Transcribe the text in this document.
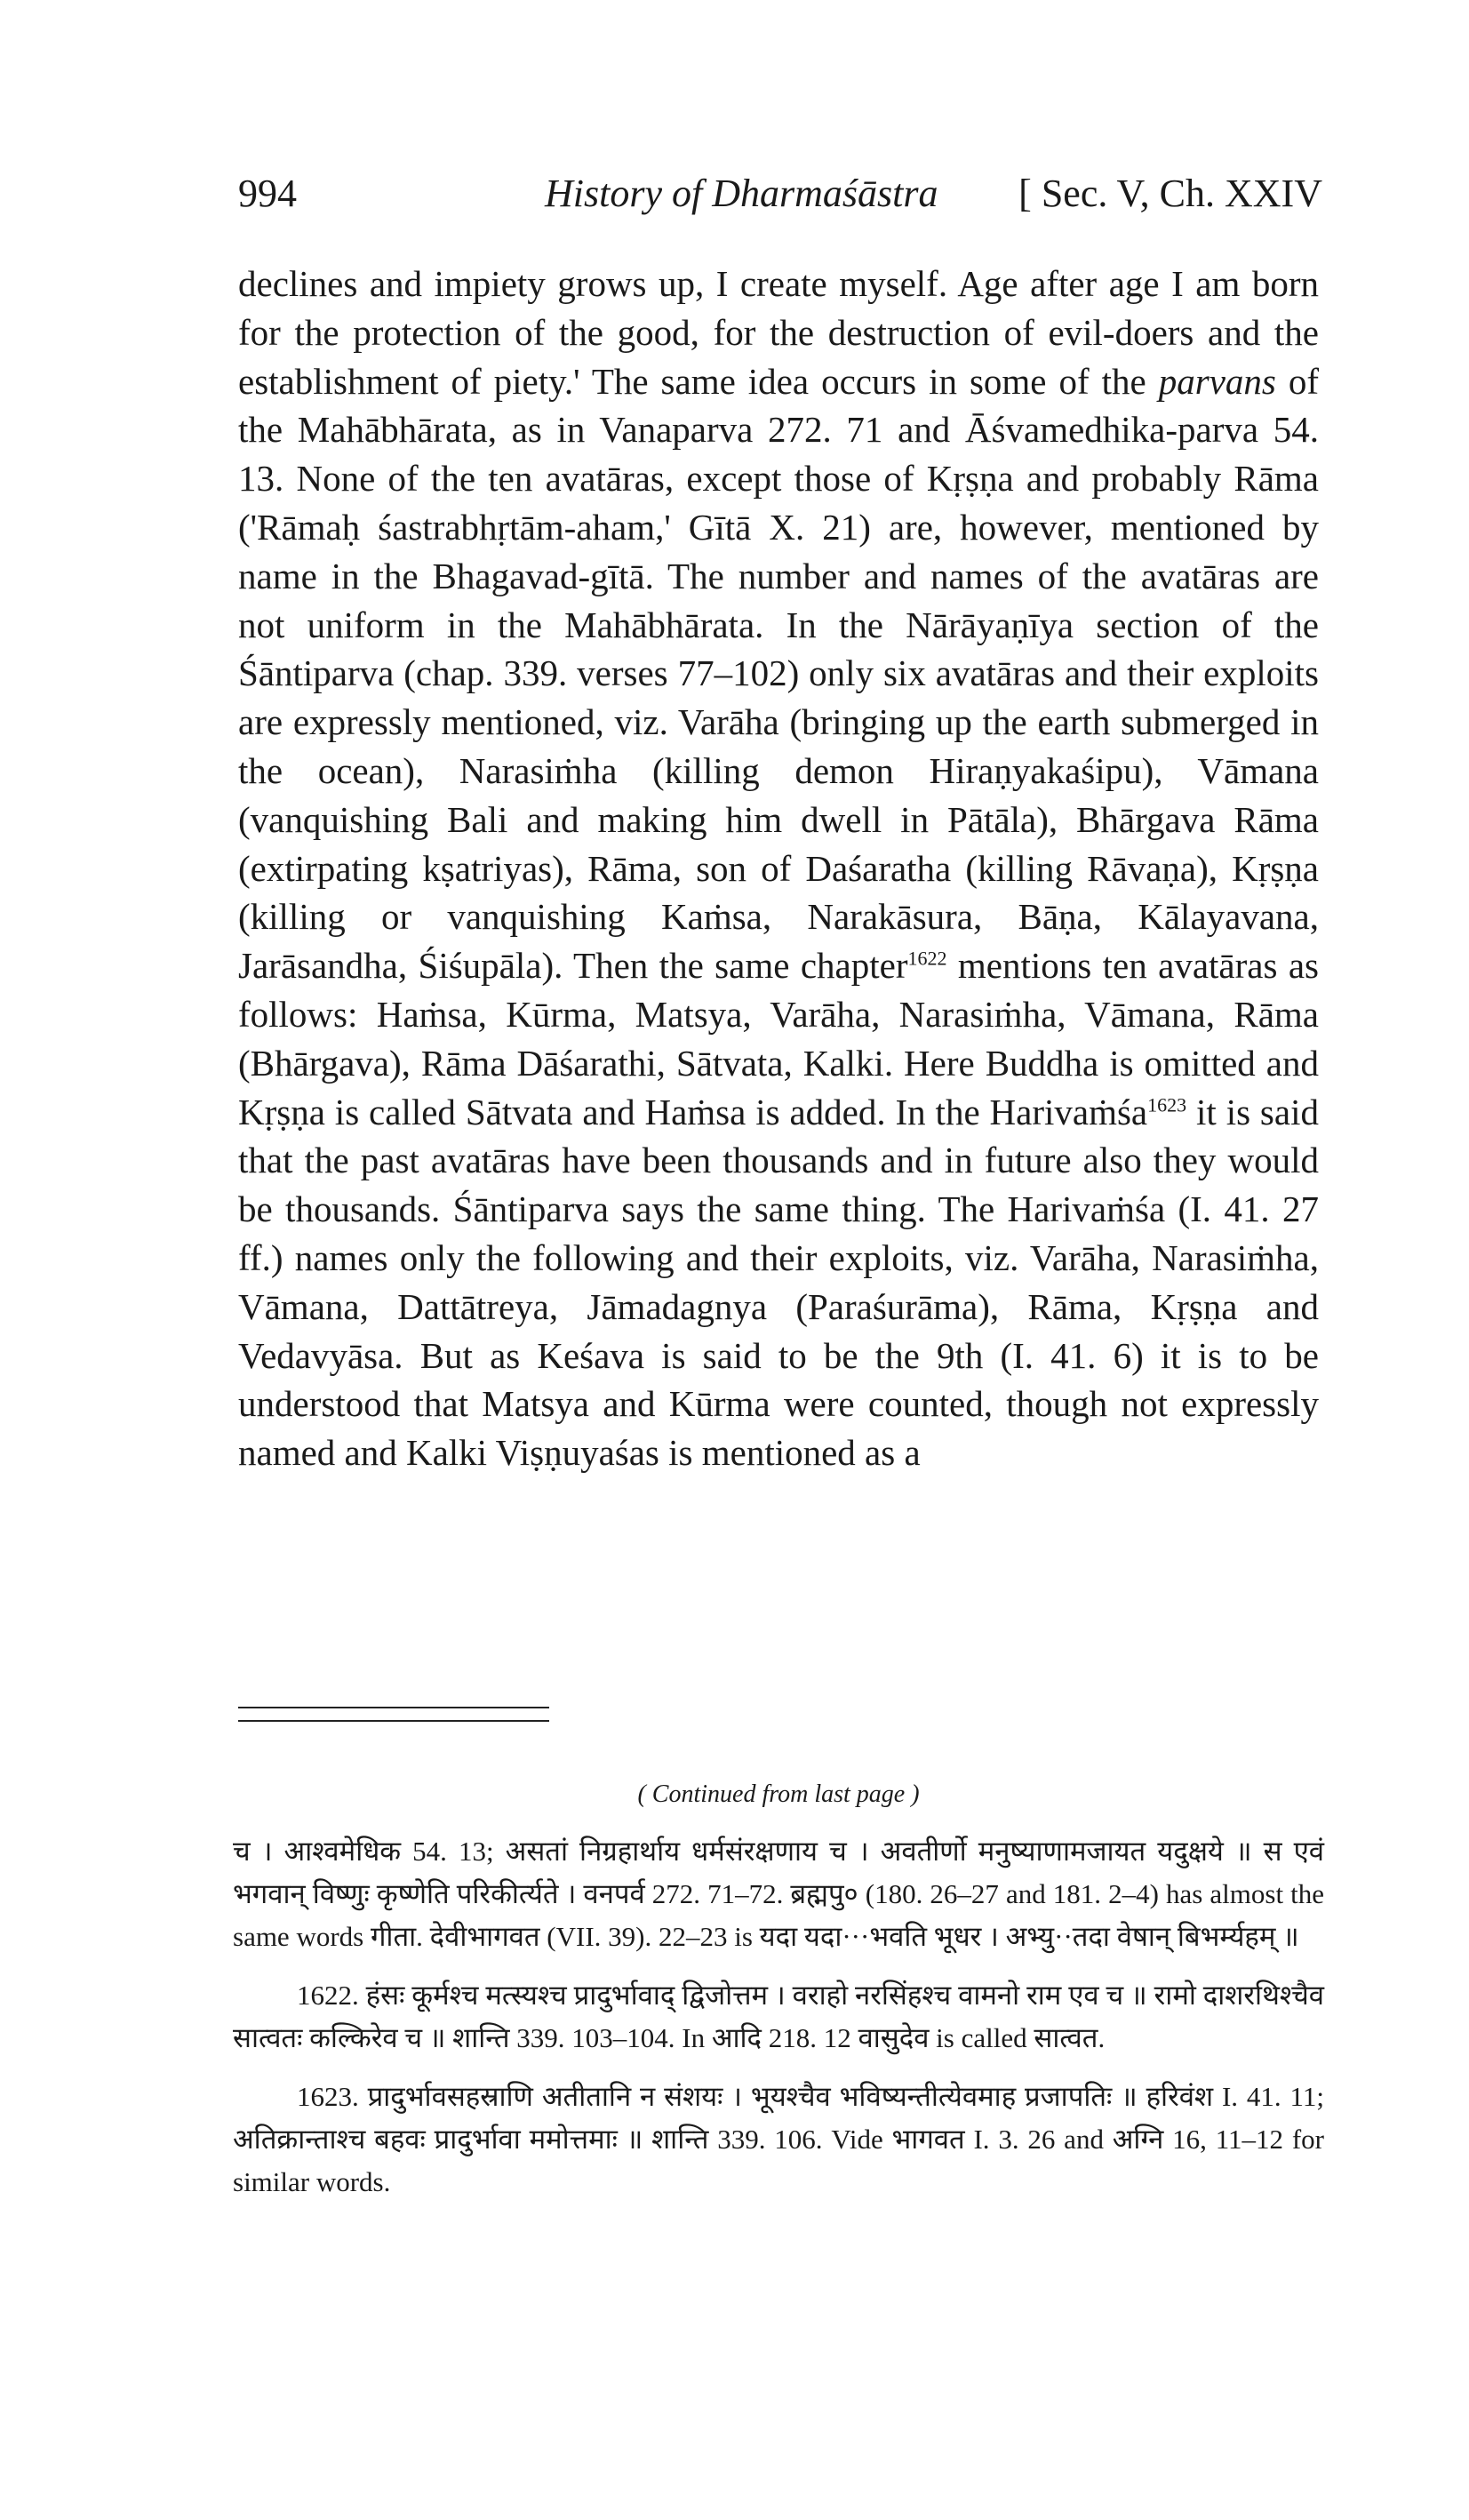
994	History of Dharmaśāstra [ Sec. V, Ch. XXIV

declines and impiety grows up, I create myself. Age after age I am born for the protection of the good, for the destruction of evil-doers and the establishment of piety.' The same idea occurs in some of the parvans of the Mahābhārata, as in Vanaparva 272. 71 and Āśvamedhika-parva 54. 13. None of the ten avatāras, except those of Kṛṣṇa and probably Rāma ('Rāmaḥ śastrabhṛtām-aham,' Gītā X. 21) are, however, mentioned by name in the Bhagavad-gītā. The number and names of the avatāras are not uniform in the Mahābhārata. In the Nārāyaṇīya section of the Śāntiparva (chap. 339. verses 77–102) only six avatāras and their exploits are expressly mentioned, viz. Varāha (bringing up the earth submerged in the ocean), Narasiṁha (killing demon Hiraṇyakaśipu), Vāmana (vanquishing Bali and making him dwell in Pātāla), Bhārgava Rāma (extirpating kṣatriyas), Rāma, son of Daśaratha (killing Rāvaṇa), Kṛṣṇa (killing or vanquishing Kaṁsa, Narakāsura, Bāṇa, Kālayavana, Jarāsandha, Śiśupāla). Then the same chapter$^{1622}$ mentions ten avatāras as follows: Haṁsa, Kūrma, Matsya, Varāha, Narasiṁha, Vāmana, Rāma (Bhārgava), Rāma Dāśarathi, Sātvata, Kalki. Here Buddha is omitted and Kṛṣṇa is called Sātvata and Haṁsa is added. In the Harivaṁśa$^{1623}$ it is said that the past avatāras have been thousands and in future also they would be thousands. Śāntiparva says the same thing. The Harivaṁśa (I. 41. 27 ff.) names only the following and their exploits, viz. Varāha, Narasiṁha, Vāmana, Dattātreya, Jāmadagnya (Paraśurāma), Rāma, Kṛṣṇa and Vedavyāsa. But as Keśava is said to be the 9th (I. 41. 6) it is to be understood that Matsya and Kūrma were counted, though not expressly named and Kalki Viṣṇuyaśas is mentioned as a

( Continued from last page )

च । आश्वमेधिक 54. 13; असतां निग्रहार्थाय धर्मसंरक्षणाय च । अवतीर्णो मनुष्याणामजायत यदुक्षये ॥ स एवं भगवान् विष्णुः कृष्णेति परिकीर्त्यते । वनपर्व 272. 71–72. ब्रह्मपु० (180. 26–27 and 181. 2–4) has almost the same words गीता. देवीभागवत (VII. 39). 22–23 is यदा यदा···भवति भूधर । अभ्यु··तदा वेषान् बिभर्म्यहम् ॥

1622. हंसः कूर्मश्च मत्स्यश्च प्रादुर्भावाद् द्विजोत्तम । वराहो नरसिंहश्च वामनो राम एव च ॥ रामो दाशरथिश्चैव सात्वतः कल्किरेव च ॥ शान्ति 339. 103–104. In आदि 218. 12 वासुदेव is called सात्वत.

1623. प्रादुर्भावसहस्राणि अतीतानि न संशयः । भूयश्चैव भविष्यन्तीत्येवमाह प्रजापतिः ॥ हरिवंश I. 41. 11; अतिक्रान्ताश्च बहवः प्रादुर्भावा ममोत्तमाः ॥ शान्ति 339. 106. Vide भागवत I. 3. 26 and अग्नि 16, 11–12 for similar words.
